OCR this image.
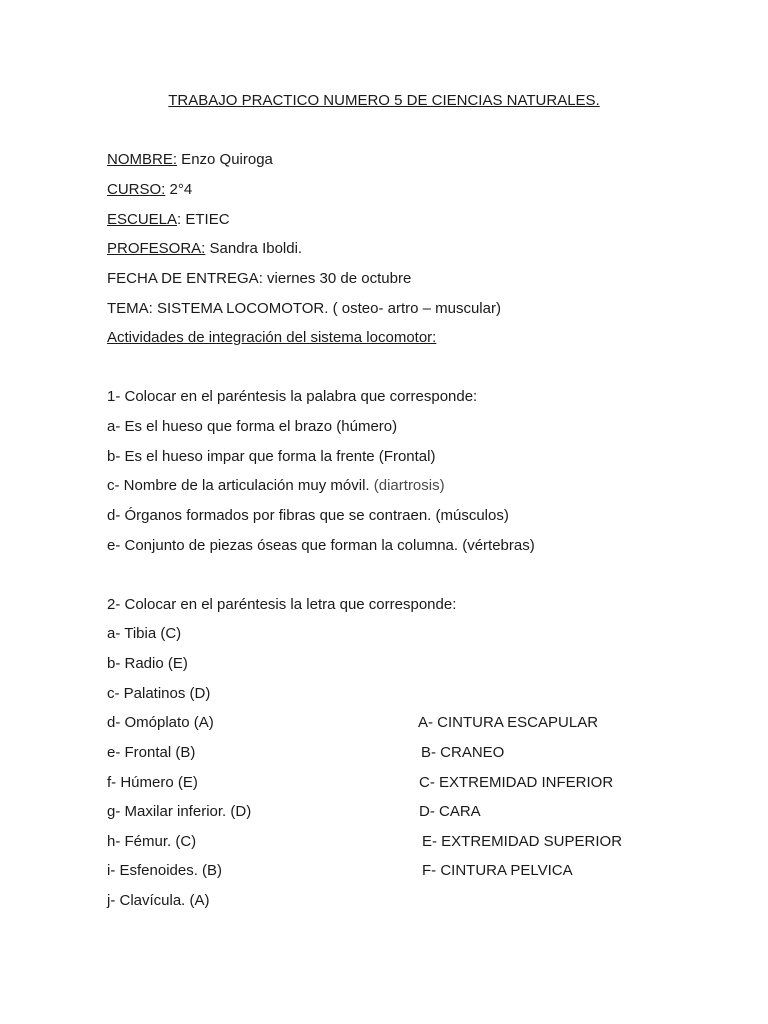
TRABAJO PRACTICO NUMERO 5 DE CIENCIAS NATURALES.
NOMBRE: Enzo Quiroga
CURSO: 2°4
ESCUELA: ETIEC
PROFESORA: Sandra Iboldi.
FECHA DE ENTREGA: viernes 30 de octubre
TEMA: SISTEMA LOCOMOTOR. ( osteo- artro – muscular)
Actividades de integración del sistema locomotor:
1- Colocar en el paréntesis la palabra que corresponde:
a- Es el hueso que forma el brazo (húmero)
b- Es el hueso impar que forma la frente (Frontal)
c- Nombre de la articulación muy móvil. (diartrosis)
d- Órganos formados por fibras que se contraen. (músculos)
e- Conjunto de piezas óseas que forman la columna. (vértebras)
2- Colocar en el paréntesis la letra que corresponde:
a- Tibia (C)
b- Radio (E)
c- Palatinos (D)
d- Omóplato (A)
e- Frontal (B)
f- Húmero (E)
g- Maxilar inferior. (D)
h- Fémur. (C)
i- Esfenoides. (B)
j- Clavícula. (A)
A- CINTURA ESCAPULAR
B- CRANEO
C- EXTREMIDAD INFERIOR
D- CARA
E- EXTREMIDAD SUPERIOR
F- CINTURA PELVICA
